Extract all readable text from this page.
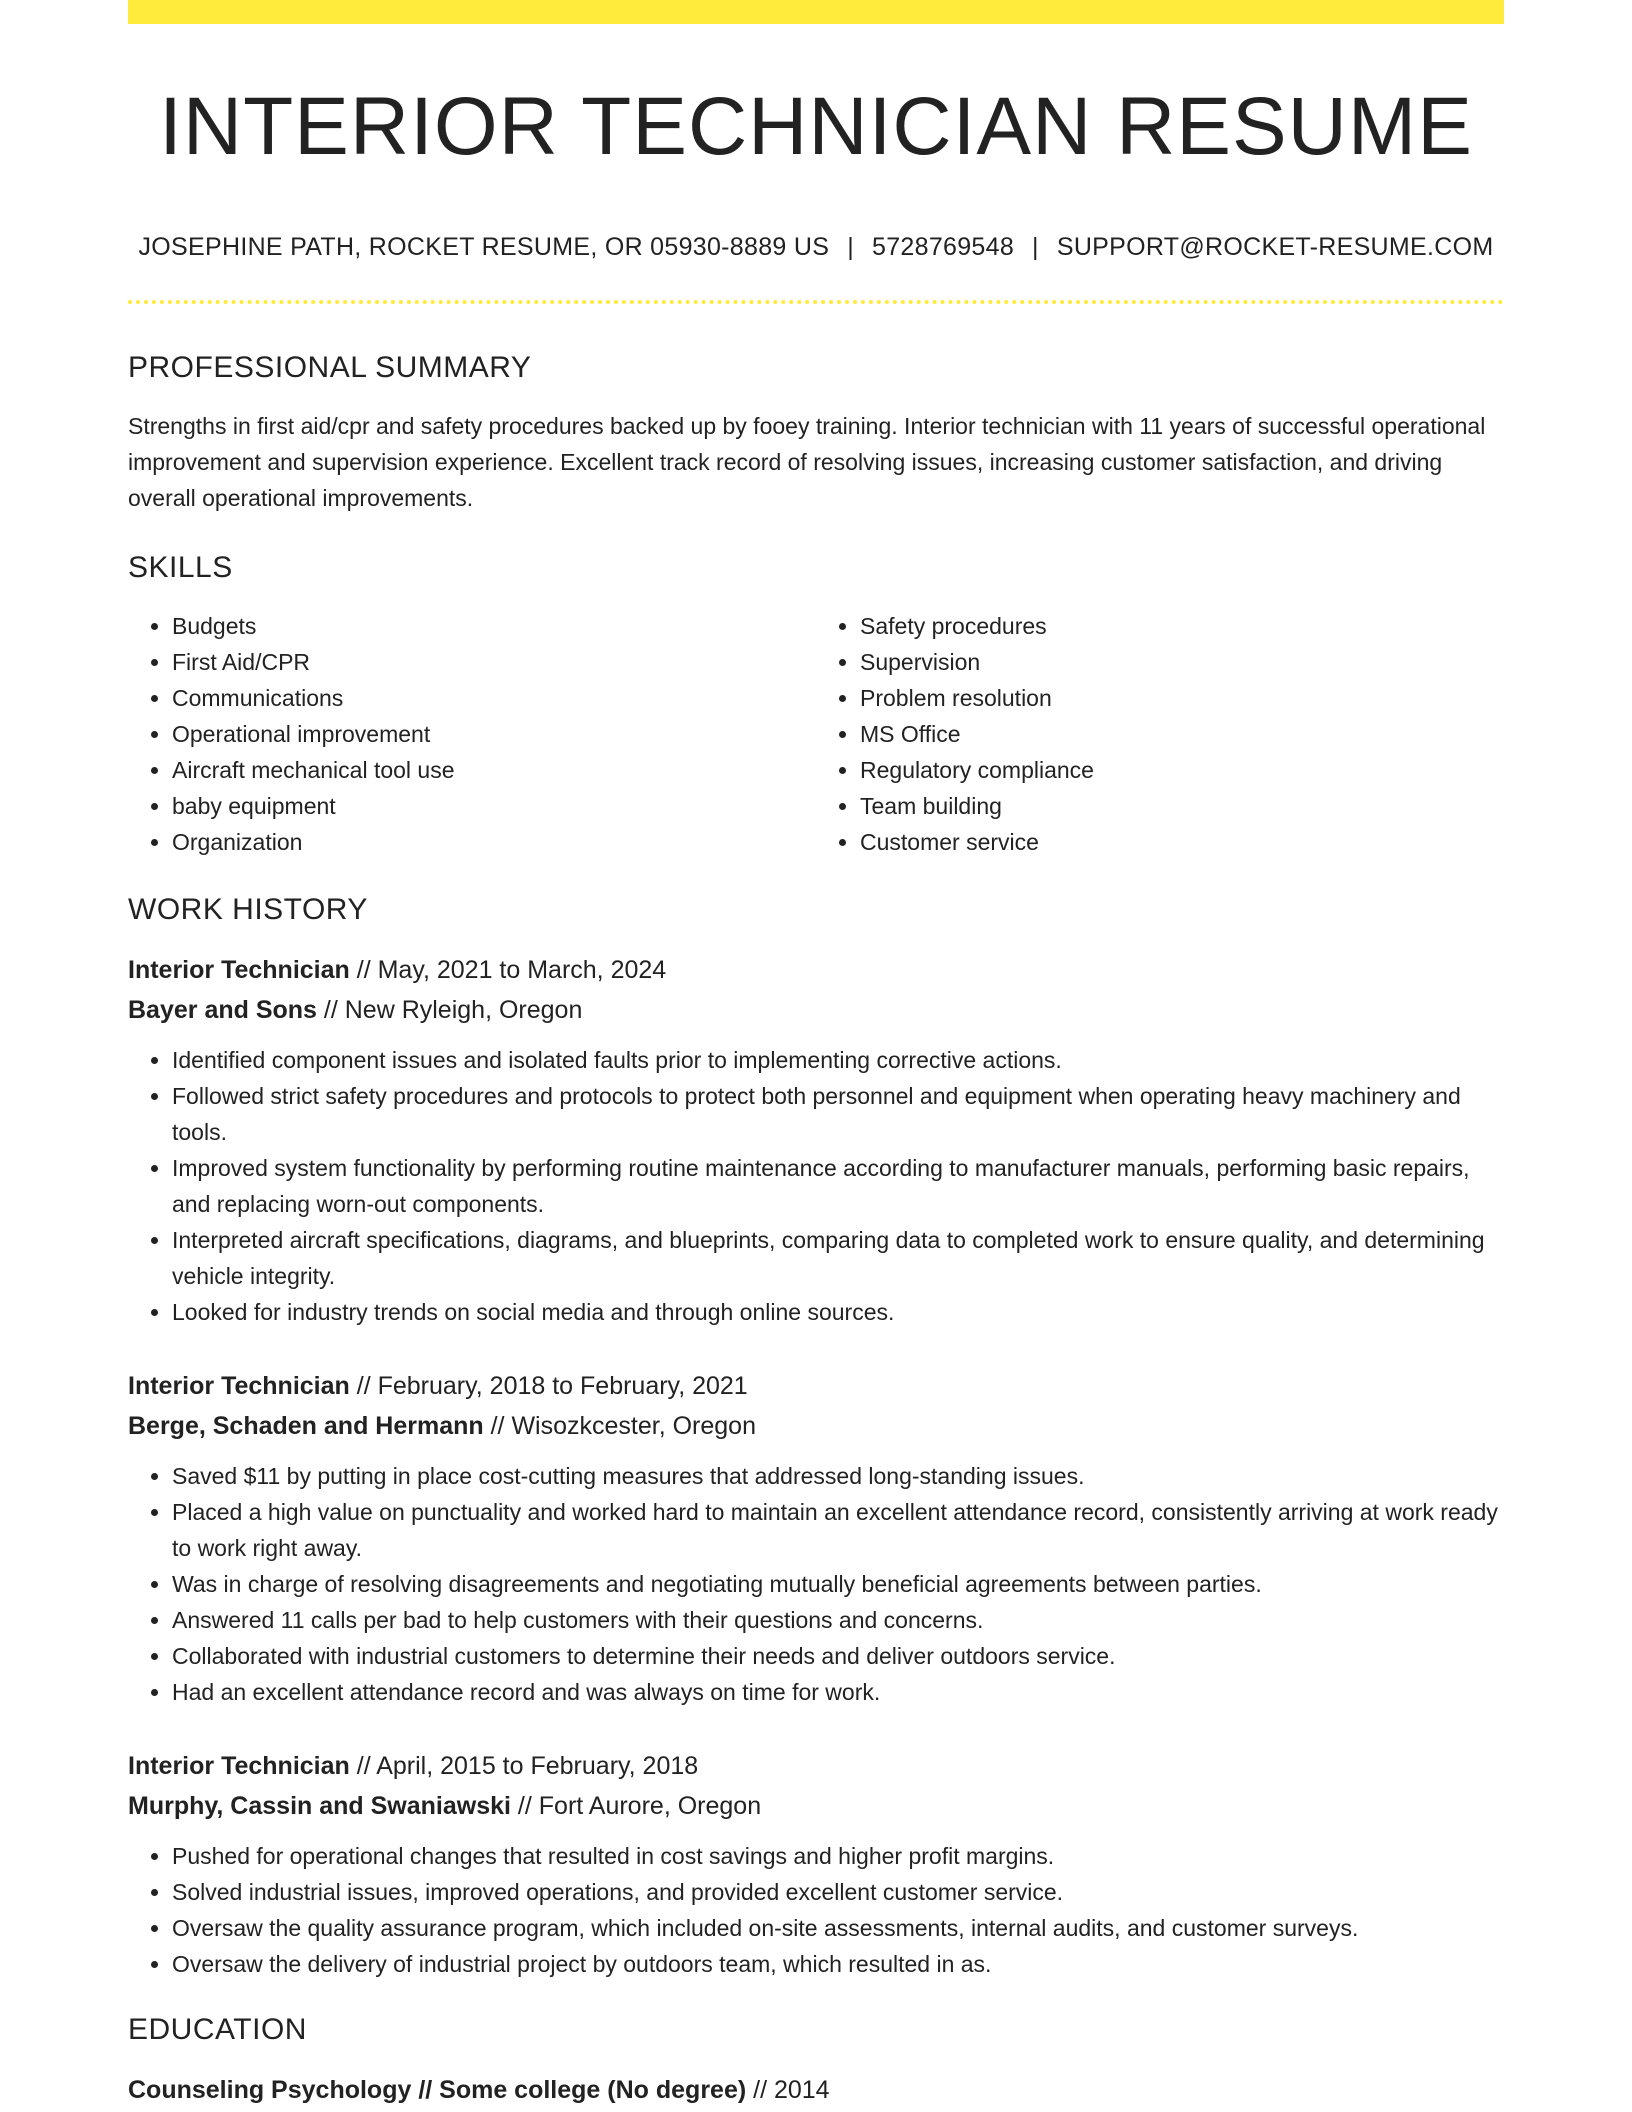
INTERIOR TECHNICIAN RESUME
JOSEPHINE PATH, ROCKET RESUME, OR 05930-8889 US | 5728769548 | SUPPORT@ROCKET-RESUME.COM
PROFESSIONAL SUMMARY

Strengths in first aid/cpr and safety procedures backed up by fooey training. Interior technician with 11 years of successful operational improvement and supervision experience. Excellent track record of resolving issues, increasing customer satisfaction, and driving overall operational improvements.

SKILLS
• Budgets
• First Aid/CPR
• Communications
• Operational improvement
• Aircraft mechanical tool use
• baby equipment
• Organization
• Safety procedures
• Supervision
• Problem resolution
• MS Office
• Regulatory compliance
• Team building
• Customer service
WORK HISTORY
Interior Technician // May, 2021 to March, 2024
Bayer and Sons // New Ryleigh, Oregon
• Identified component issues and isolated faults prior to implementing corrective actions.
• Followed strict safety procedures and protocols to protect both personnel and equipment when operating heavy machinery and tools.
• Improved system functionality by performing routine maintenance according to manufacturer manuals, performing basic repairs, and replacing worn-out components.
• Interpreted aircraft specifications, diagrams, and blueprints, comparing data to completed work to ensure quality, and determining vehicle integrity.
• Looked for industry trends on social media and through online sources.
Interior Technician // February, 2018 to February, 2021
Berge, Schaden and Hermann // Wisozkcester, Oregon
• Saved $11 by putting in place cost-cutting measures that addressed long-standing issues.
• Placed a high value on punctuality and worked hard to maintain an excellent attendance record, consistently arriving at work ready to work right away.
• Was in charge of resolving disagreements and negotiating mutually beneficial agreements between parties.
• Answered 11 calls per bad to help customers with their questions and concerns.
• Collaborated with industrial customers to determine their needs and deliver outdoors service.
• Had an excellent attendance record and was always on time for work.
Interior Technician // April, 2015 to February, 2018
Murphy, Cassin and Swaniawski // Fort Aurore, Oregon
• Pushed for operational changes that resulted in cost savings and higher profit margins.
• Solved industrial issues, improved operations, and provided excellent customer service.
• Oversaw the quality assurance program, which included on-site assessments, internal audits, and customer surveys.
• Oversaw the delivery of industrial project by outdoors team, which resulted in as.
EDUCATION
Counseling Psychology // Some college (No degree) // 2014
